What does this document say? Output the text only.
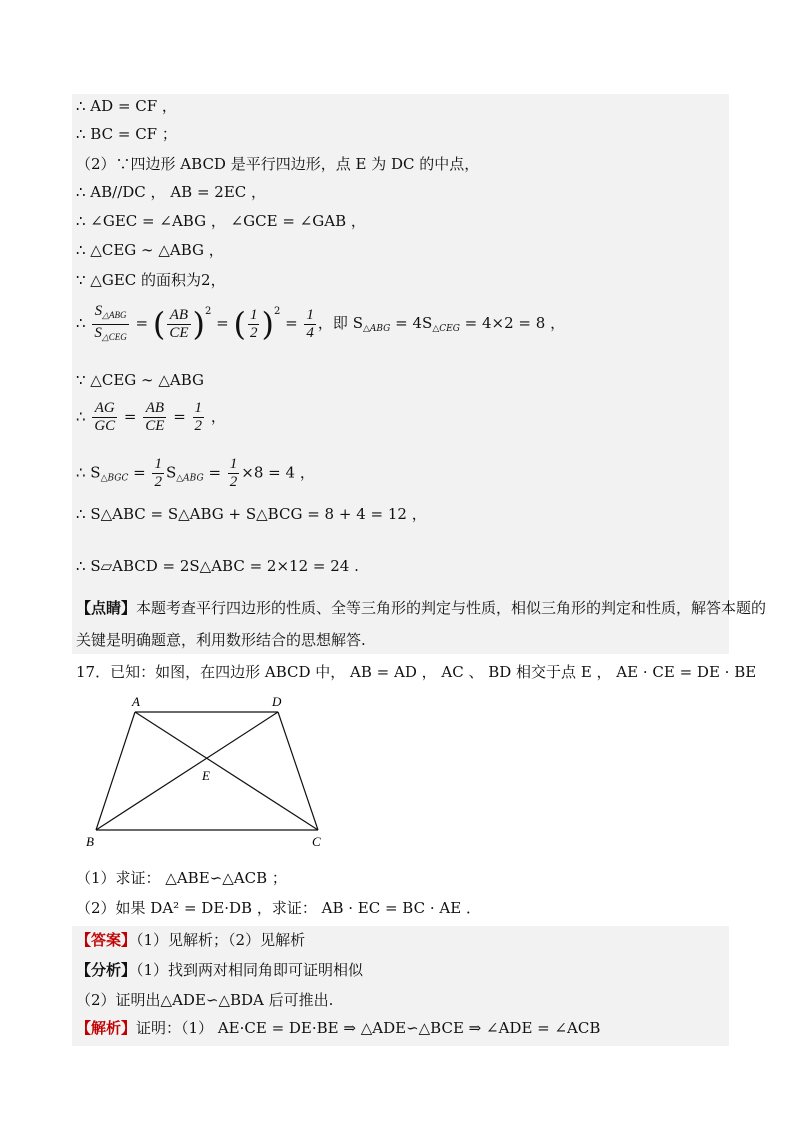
∴ AD = CF ，
∴ BC = CF ；
（2）∵四边形 ABCD 是平行四边形，点 E 为 DC 的中点，
∴ AB//DC ， AB = 2EC ，
∴ ∠GEC = ∠ABG ， ∠GCE = ∠GAB ，
∴ △CEG ∼ △ABG ，
∵ △GEC 的面积为2，
∴ $\frac{S_{\triangle ABG}}{S_{\triangle CEG}}$ = ( $\frac{AB}{CE} )^2$ = ( $\frac{1}{2} )^2 = \frac{1}{4}$ ，即 $S_{\triangle ABG} = 4S_{\triangle CEG} = 4\times 2 = 8$ ，
∵ △CEG ∼ △ABG
∴ $\frac{AG}{GC} = \frac{AB}{CE} = \frac{1}{2}$ ，
∴ $S_{\triangle BGC} = \frac{1}{2} S_{\triangle ABG} = \frac{1}{2} \times 8 = 4$ ，
∴ S△ABC = S△ABG + S△BCG = 8 + 4 = 12 ，
∴ S▱ABCD = 2S△ABC = 2×12 = 24 .
【点睛】本题考查平行四边形的性质、全等三角形的判定与性质，相似三角形的判定和性质，解答本题的
关键是明确题意，利用数形结合的思想解答.
17．已知：如图，在四边形 ABCD 中， AB = AD ， AC 、 BD 相交于点 E ， AE · CE = DE · BE
A	D
E
B	C
（1）求证： △ABE∽△ACB ；
（2）如果 DA² = DE·DB ，求证： AB · EC = BC · AE ．
【答案】（1）见解析；（2）见解析
【分析】（1）找到两对相同角即可证明相似
（2）证明出△ADE∽△BDA 后可推出.
【解析】证明：（1） AE·CE = DE·BE ⇒ △ADE∽△BCE ⇒ ∠ADE = ∠ACB
